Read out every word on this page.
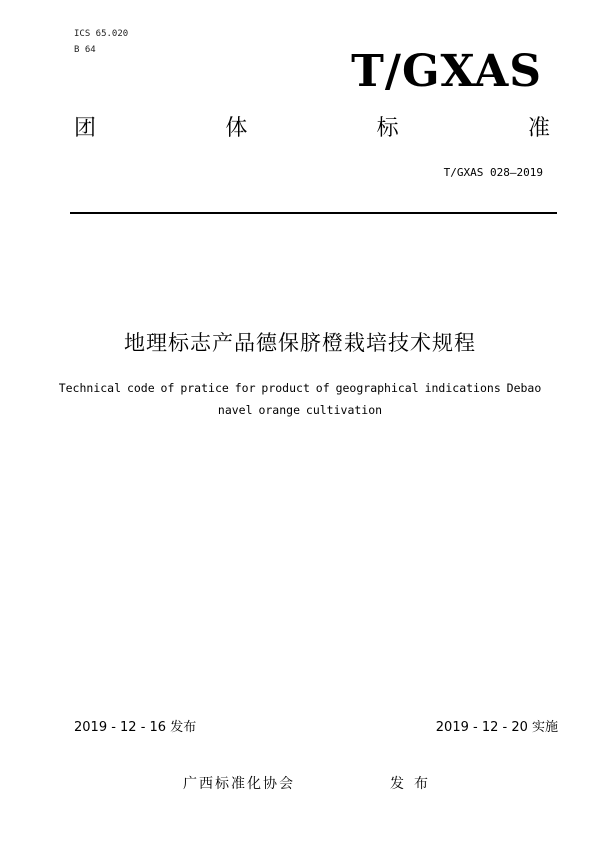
ICS 65.020
B 64	T/GXAS
团	体	标	准
T/GXAS 028—2019
地理标志产品德保脐橙栽培技术规程
Technical code of pratice for product of geographical indications Debao
navel orange cultivation
2019 - 12 - 16 发布	2019 - 12 - 20 实施
广西标准化协会	发布
